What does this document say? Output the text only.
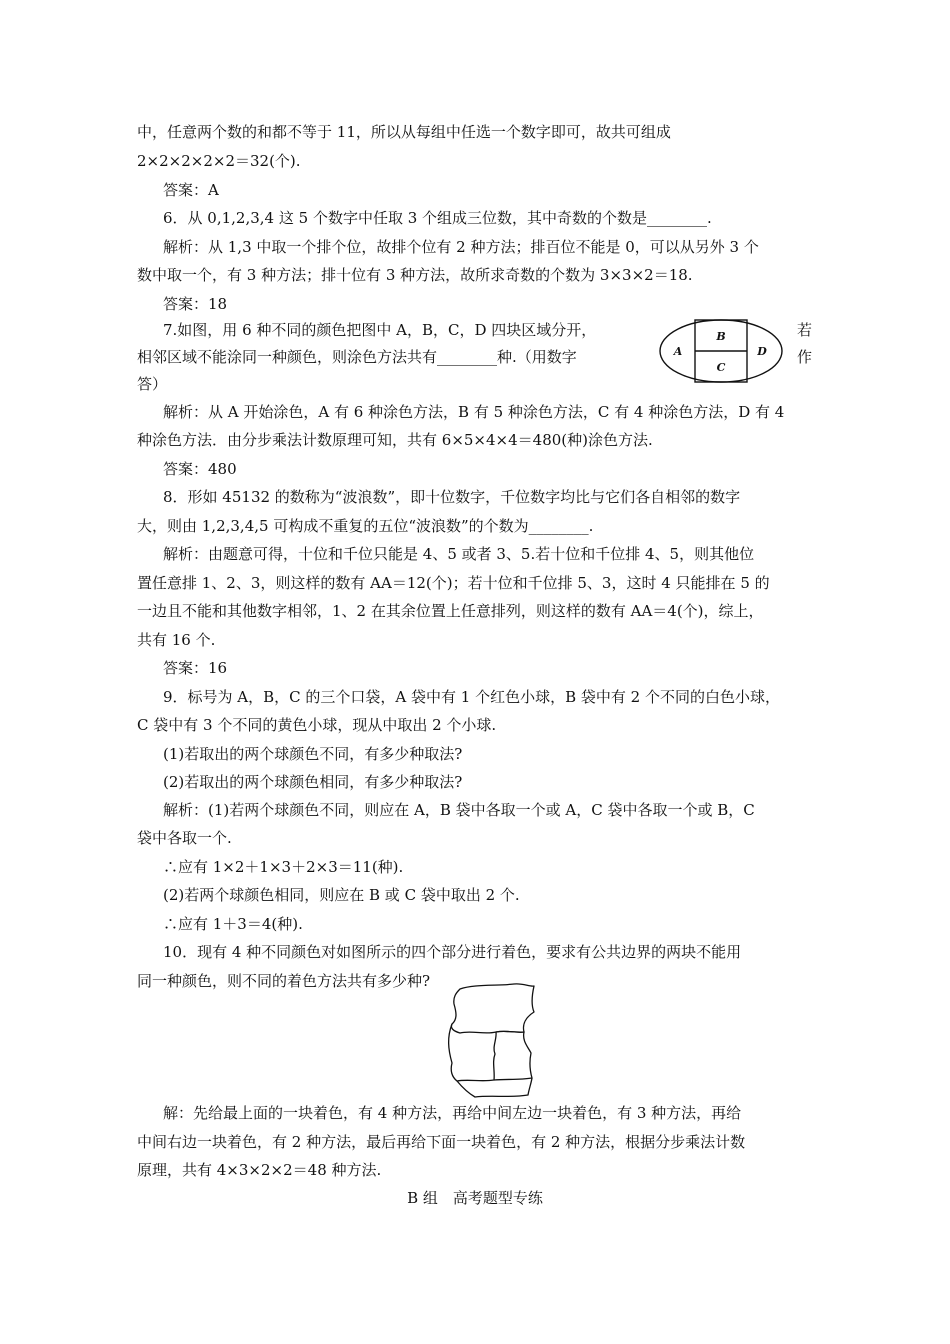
中，任意两个数的和都不等于 11，所以从每组中任选一个数字即可，故共可组成
2×2×2×2×2＝32(个).
答案：A
6．从 0,1,2,3,4 这 5 个数字中任取 3 个组成三位数，其中奇数的个数是________.
解析：从 1,3 中取一个排个位，故排个位有 2 种方法；排百位不能是 0，可以从另外 3 个
数中取一个，有 3 种方法；排十位有 3 种方法，故所求奇数的个数为 3×3×2＝18.
答案：18
7.如图，用 6 种不同的颜色把图中 A，B，C，D 四块区域分开，	若
相邻区域不能涂同一种颜色，则涂色方法共有________种.（用数字	作
答）
A
B
C
D
解析：从 A 开始涂色，A 有 6 种涂色方法，B 有 5 种涂色方法，C 有 4 种涂色方法，D 有 4
种涂色方法．由分步乘法计数原理可知，共有 6×5×4×4＝480(种)涂色方法.
答案：480
8．形如 45132 的数称为“波浪数”，即十位数字，千位数字均比与它们各自相邻的数字
大，则由 1,2,3,4,5 可构成不重复的五位“波浪数”的个数为________.
解析：由题意可得，十位和千位只能是 4、5 或者 3、5.若十位和千位排 4、5，则其他位
置任意排 1、2、3，则这样的数有 AA＝12(个)；若十位和千位排 5、3，这时 4 只能排在 5 的
一边且不能和其他数字相邻，1、2 在其余位置上任意排列，则这样的数有 AA＝4(个)，综上，
共有 16 个.
答案：16
9．标号为 A，B，C 的三个口袋，A 袋中有 1 个红色小球，B 袋中有 2 个不同的白色小球，
C 袋中有 3 个不同的黄色小球，现从中取出 2 个小球.
(1)若取出的两个球颜色不同，有多少种取法?
(2)若取出的两个球颜色相同，有多少种取法?
解析：(1)若两个球颜色不同，则应在 A，B 袋中各取一个或 A，C 袋中各取一个或 B，C
袋中各取一个.
∴应有 1×2＋1×3＋2×3＝11(种).
(2)若两个球颜色相同，则应在 B 或 C 袋中取出 2 个.
∴应有 1＋3＝4(种).
10．现有 4 种不同颜色对如图所示的四个部分进行着色，要求有公共边界的两块不能用
同一种颜色，则不同的着色方法共有多少种?
解：先给最上面的一块着色，有 4 种方法，再给中间左边一块着色，有 3 种方法，再给
中间右边一块着色，有 2 种方法，最后再给下面一块着色，有 2 种方法，根据分步乘法计数
原理，共有 4×3×2×2＝48 种方法.
B 组　高考题型专练
